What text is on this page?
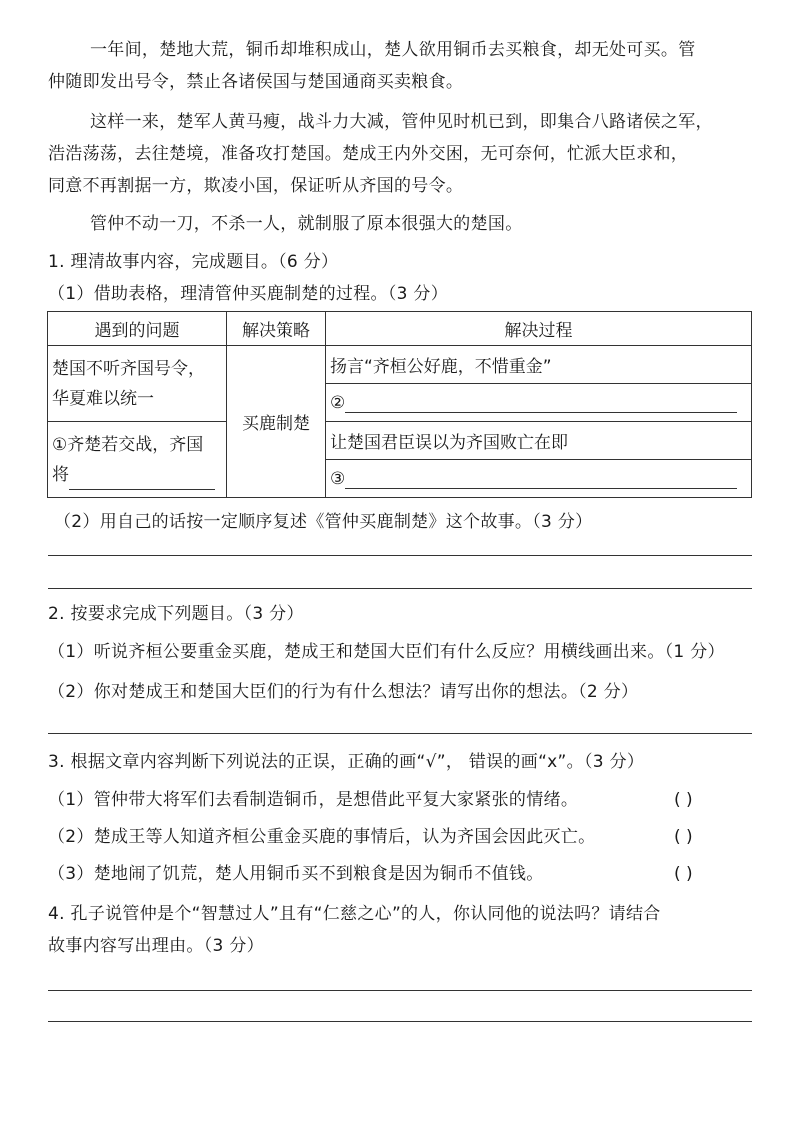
一年间，楚地大荒，铜币却堆积成山，楚人欲用铜币去买粮食，却无处可买。管
仲随即发出号令，禁止各诸侯国与楚国通商买卖粮食。
这样一来，楚军人黄马瘦，战斗力大减，管仲见时机已到，即集合八路诸侯之军，
浩浩荡荡，去往楚境，准备攻打楚国。楚成王内外交困，无可奈何，忙派大臣求和，
同意不再割据一方，欺凌小国，保证听从齐国的号令。
管仲不动一刀，不杀一人，就制服了原本很强大的楚国。
1. 理清故事内容，完成题目。（6 分）
（1）借助表格，理清管仲买鹿制楚的过程。（3 分）
遇到的问题	解决策略	解决过程

楚国不听齐国号令，
华夏难以统一	买鹿制楚	扬言“齐桓公好鹿，不惜重金”
		②

①齐楚若交战，齐国
将		让楚国君臣误以为齐国败亡在即
		③
（2）用自己的话按一定顺序复述《管仲买鹿制楚》这个故事。（3 分）
2. 按要求完成下列题目。（3 分）
（1）听说齐桓公要重金买鹿，楚成王和楚国大臣们有什么反应？用横线画出来。（1 分）
（2）你对楚成王和楚国大臣们的行为有什么想法？请写出你的想法。（2 分）
3. 根据文章内容判断下列说法的正误，正确的画“√”， 错误的画“x”。（3 分）
（1）管仲带大将军们去看制造铜币，是想借此平复大家紧张的情绪。	( )
（2）楚成王等人知道齐桓公重金买鹿的事情后，认为齐国会因此灭亡。	( )
（3）楚地闹了饥荒，楚人用铜币买不到粮食是因为铜币不值钱。	( )
4. 孔子说管仲是个“智慧过人”且有“仁慈之心”的人，你认同他的说法吗？请结合
故事内容写出理由。（3 分）
